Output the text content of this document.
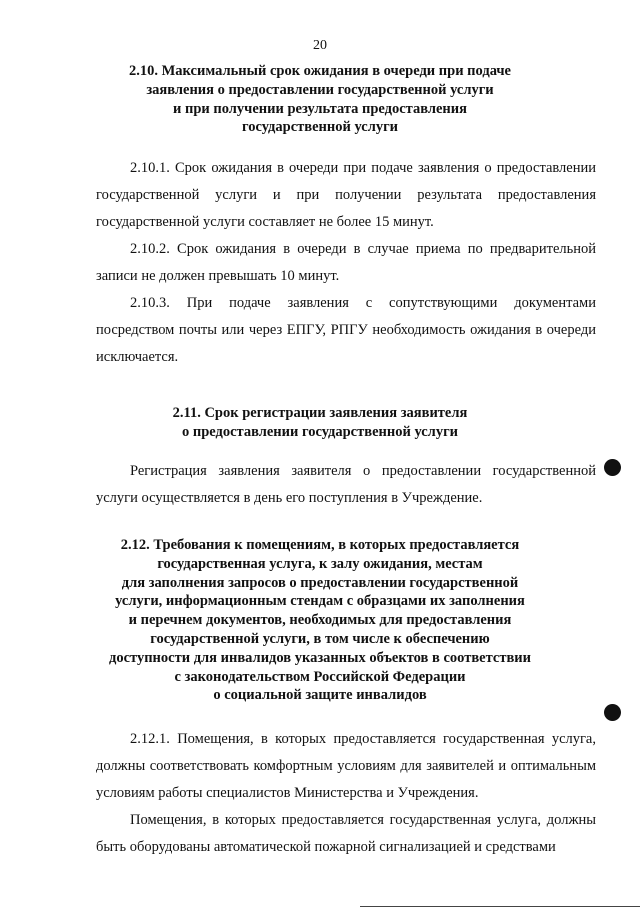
20
2.10. Максимальный срок ожидания в очереди при подаче
заявления о предоставлении государственной услуги
и при получении результата предоставления
государственной услуги
2.10.1. Срок ожидания в очереди при подаче заявления о предоставлении государственной услуги и при получении результата предоставления государственной услуги составляет не более 15 минут.
2.10.2. Срок ожидания в очереди в случае приема по предварительной записи не должен превышать 10 минут.
2.10.3. При подаче заявления с сопутствующими документами посредством почты или через ЕПГУ, РПГУ необходимость ожидания в очереди исключается.
2.11. Срок регистрации заявления заявителя
о предоставлении государственной услуги
Регистрация заявления заявителя о предоставлении государственной услуги осуществляется в день его поступления в Учреждение.
2.12. Требования к помещениям, в которых предоставляется
государственная услуга, к залу ожидания, местам
для заполнения запросов о предоставлении государственной
услуги, информационным стендам с образцами их заполнения
и перечнем документов, необходимых для предоставления
государственной услуги, в том числе к обеспечению
доступности для инвалидов указанных объектов в соответствии
с законодательством Российской Федерации
о социальной защите инвалидов
2.12.1. Помещения, в которых предоставляется государственная услуга, должны соответствовать комфортным условиям для заявителей и оптимальным условиям работы специалистов Министерства и Учреждения.
Помещения, в которых предоставляется государственная услуга, должны быть оборудованы автоматической пожарной сигнализацией и средствами
